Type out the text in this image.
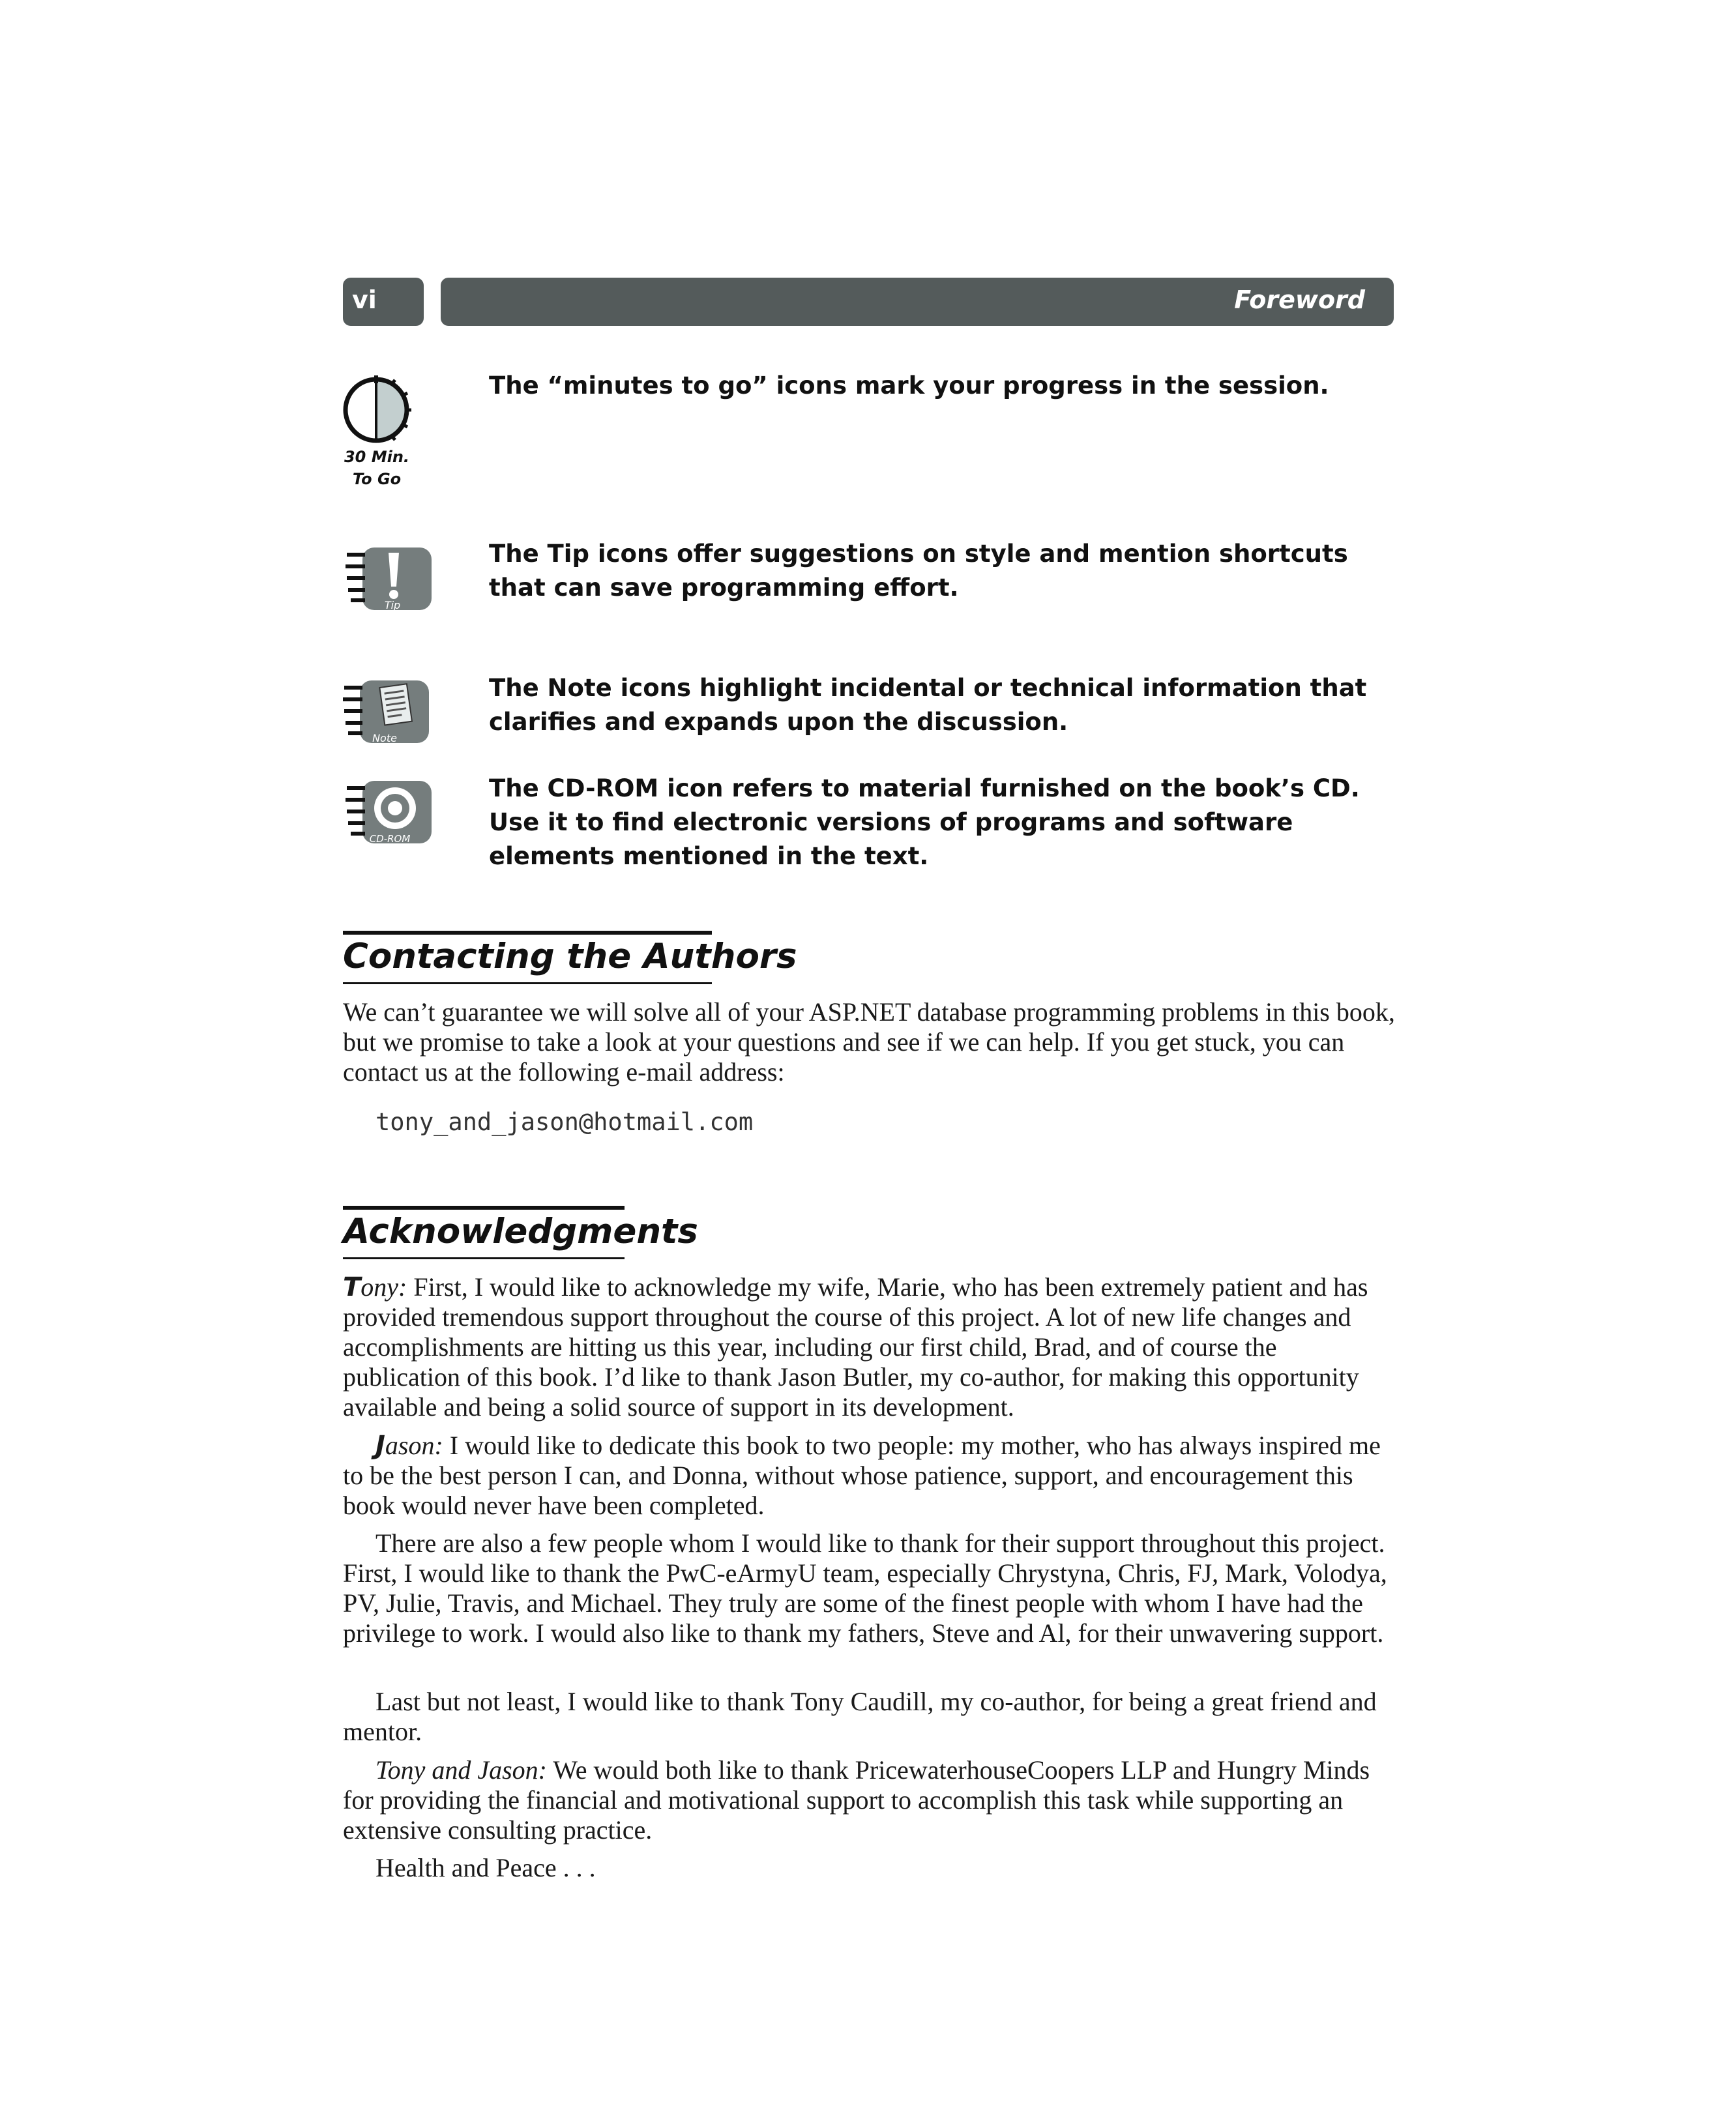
vi	Foreword
30 Min.
To Go

The “minutes to go” icons mark your progress in the session.

Tip

The Tip icons offer suggestions on style and mention shortcuts that can save programming effort.

Note

The Note icons highlight incidental or technical information that clarifies and expands upon the discussion.

CD-ROM

The CD-ROM icon refers to material furnished on the book’s CD. Use it to find electronic versions of programs and software elements mentioned in the text.

Contacting the Authors

We can’t guarantee we will solve all of your ASP.NET database programming problems in this book, but we promise to take a look at your questions and see if we can help. If you get stuck, you can contact us at the following e-mail address:

tony_and_jason@hotmail.com

Acknowledgments

Tony: First, I would like to acknowledge my wife, Marie, who has been extremely patient and has provided tremendous support throughout the course of this project. A lot of new life changes and accomplishments are hitting us this year, including our first child, Brad, and of course the publication of this book. I’d like to thank Jason Butler, my co-author, for making this opportunity available and being a solid source of support in its development.

Jason: I would like to dedicate this book to two people: my mother, who has always inspired me to be the best person I can, and Donna, without whose patience, support, and encouragement this book would never have been completed.

There are also a few people whom I would like to thank for their support throughout this project. First, I would like to thank the PwC-eArmyU team, especially Chrystyna, Chris, FJ, Mark, Volodya, PV, Julie, Travis, and Michael. They truly are some of the finest people with whom I have had the privilege to work. I would also like to thank my fathers, Steve and Al, for their unwavering support.

Last but not least, I would like to thank Tony Caudill, my co-author, for being a great friend and mentor.

Tony and Jason: We would both like to thank PricewaterhouseCoopers LLP and Hungry Minds for providing the financial and motivational support to accomplish this task while supporting an extensive consulting practice.

Health and Peace . . .
